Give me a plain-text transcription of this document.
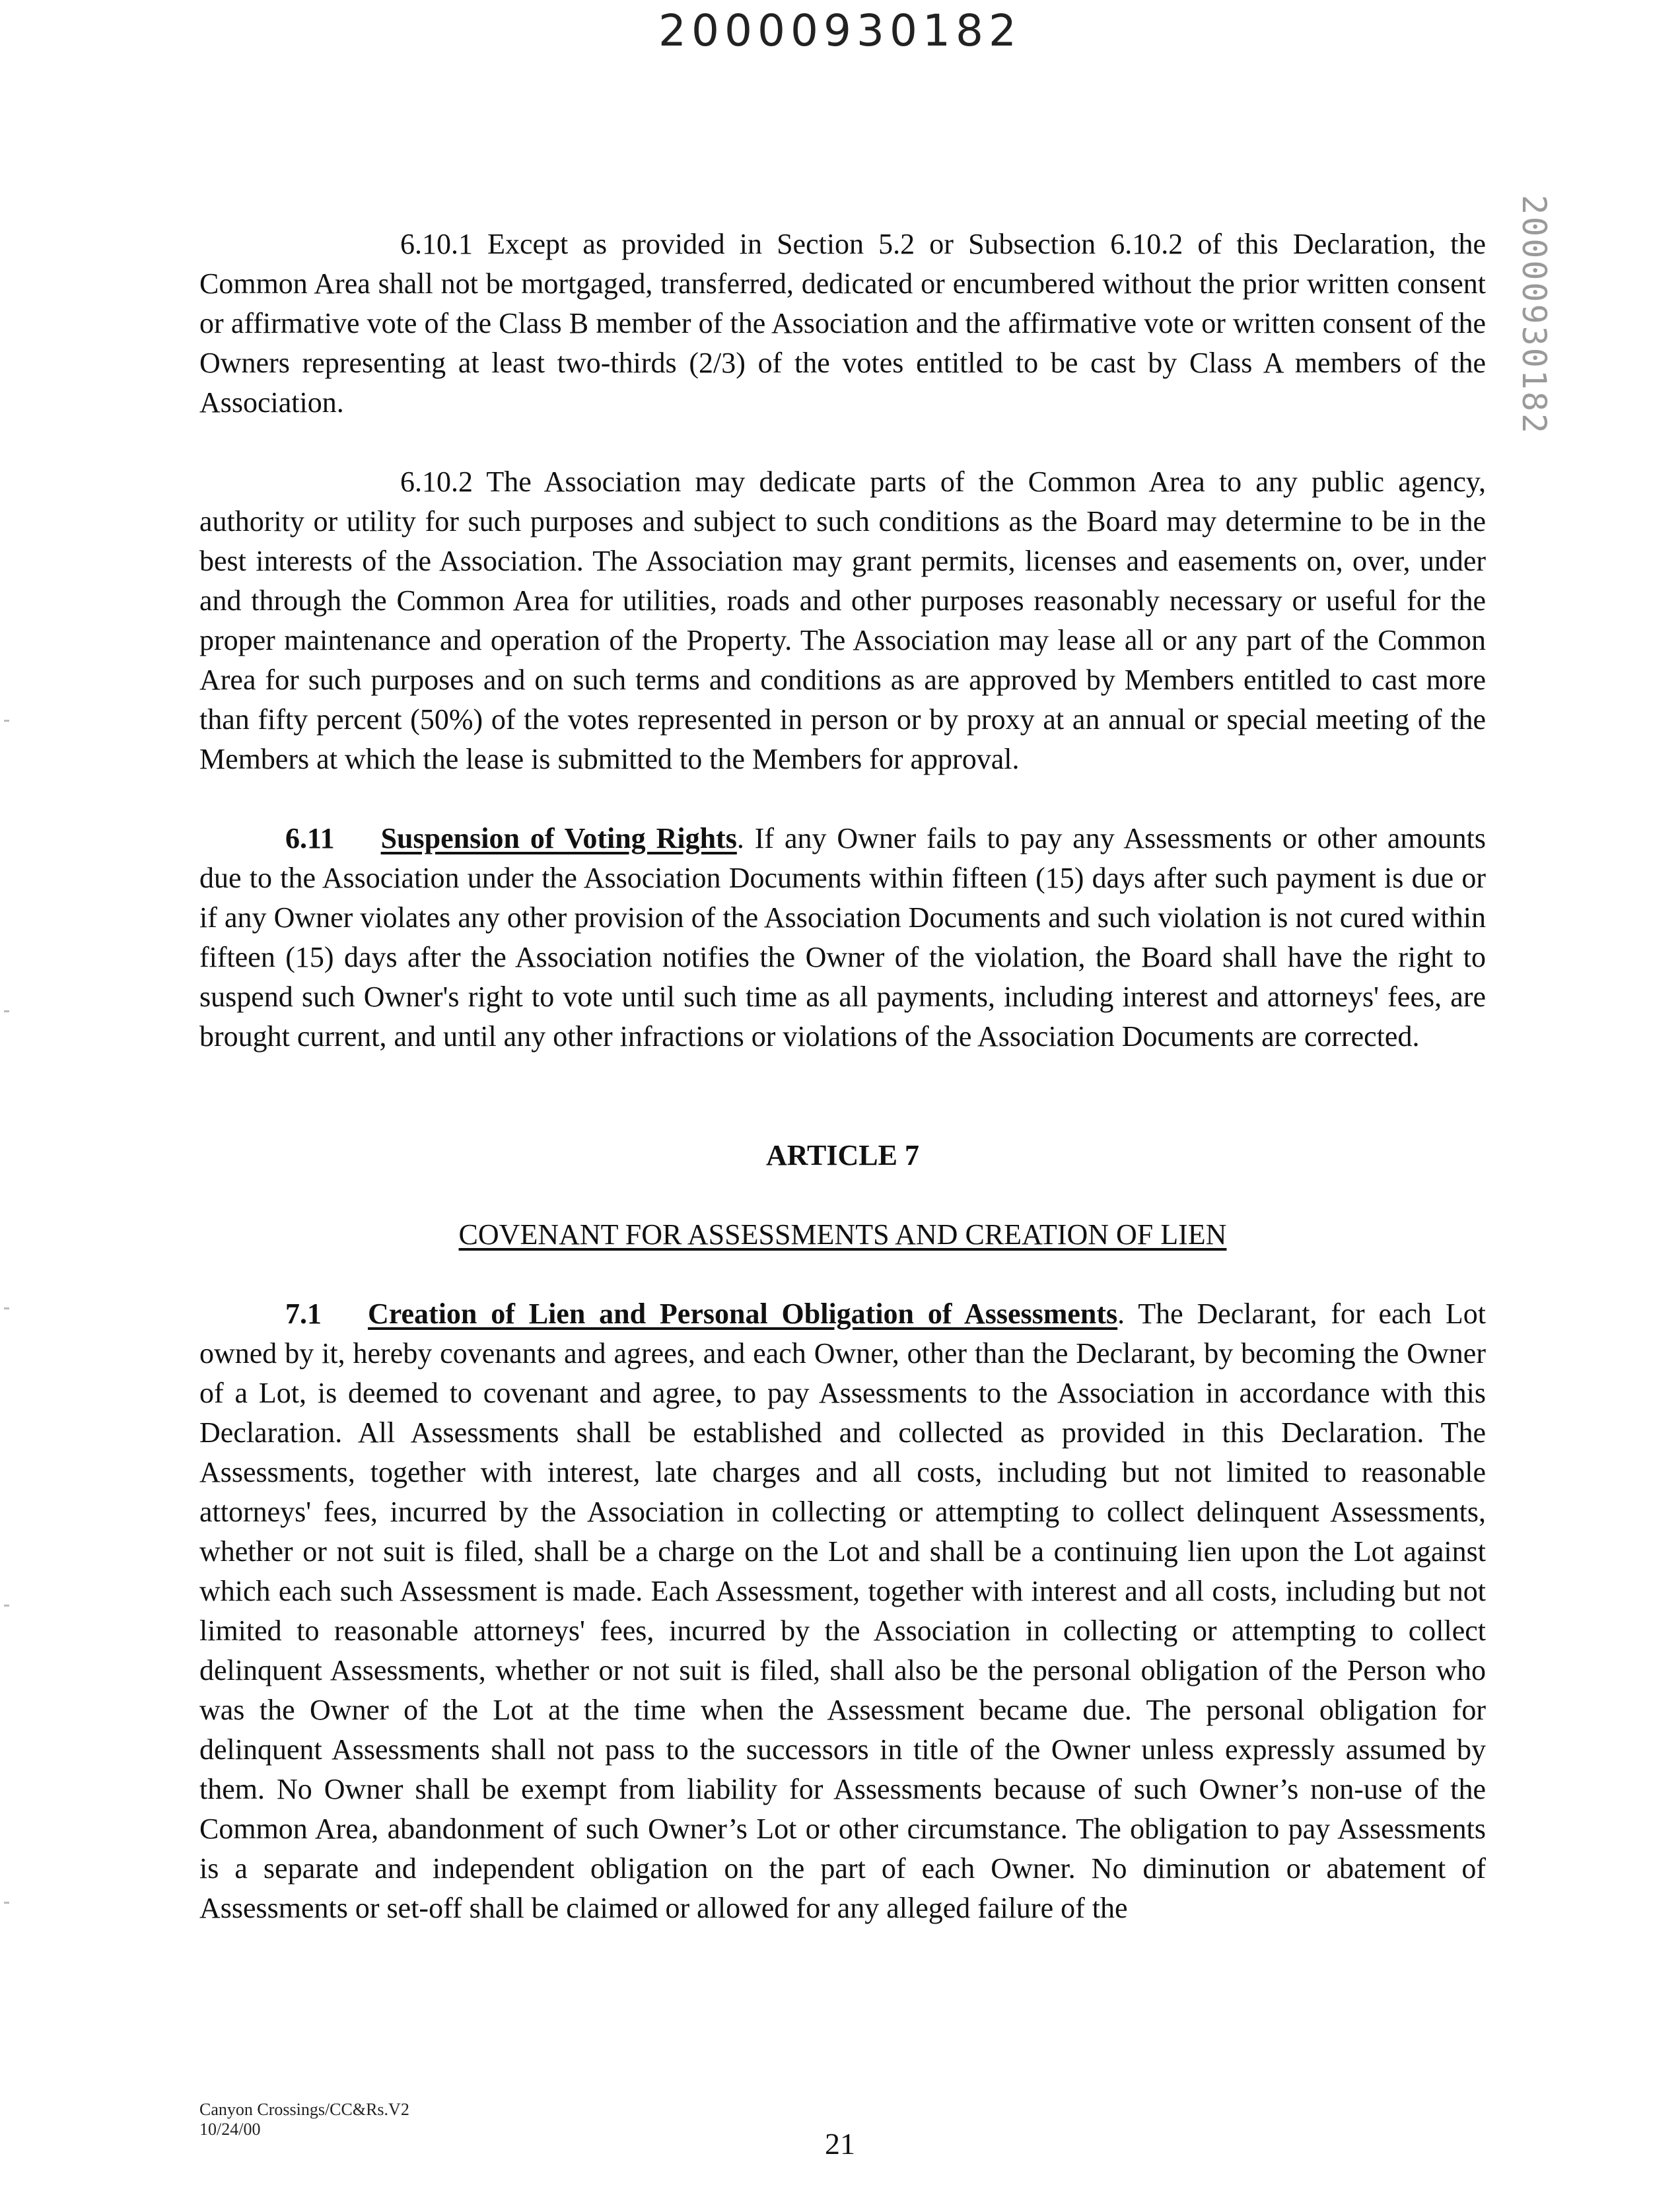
20000930182
20000930182

6.10.1 Except as provided in Section 5.2 or Subsection 6.10.2 of this Declaration, the Common Area shall not be mortgaged, transferred, dedicated or encumbered without the prior written consent or affirmative vote of the Class B member of the Association and the affirmative vote or written consent of the Owners representing at least two-thirds (2/3) of the votes entitled to be cast by Class A members of the Association.

6.10.2 The Association may dedicate parts of the Common Area to any public agency, authority or utility for such purposes and subject to such conditions as the Board may determine to be in the best interests of the Association. The Association may grant permits, licenses and easements on, over, under and through the Common Area for utilities, roads and other purposes reasonably necessary or useful for the proper maintenance and operation of the Property. The Association may lease all or any part of the Common Area for such purposes and on such terms and conditions as are approved by Members entitled to cast more than fifty percent (50%) of the votes represented in person or by proxy at an annual or special meeting of the Members at which the lease is submitted to the Members for approval.

6.11 Suspension of Voting Rights. If any Owner fails to pay any Assessments or other amounts due to the Association under the Association Documents within fifteen (15) days after such payment is due or if any Owner violates any other provision of the Association Documents and such violation is not cured within fifteen (15) days after the Association notifies the Owner of the violation, the Board shall have the right to suspend such Owner's right to vote until such time as all payments, including interest and attorneys' fees, are brought current, and until any other infractions or violations of the Association Documents are corrected.

ARTICLE 7
COVENANT FOR ASSESSMENTS AND CREATION OF LIEN

7.1 Creation of Lien and Personal Obligation of Assessments. The Declarant, for each Lot owned by it, hereby covenants and agrees, and each Owner, other than the Declarant, by becoming the Owner of a Lot, is deemed to covenant and agree, to pay Assessments to the Association in accordance with this Declaration. All Assessments shall be established and collected as provided in this Declaration. The Assessments, together with interest, late charges and all costs, including but not limited to reasonable attorneys' fees, incurred by the Association in collecting or attempting to collect delinquent Assessments, whether or not suit is filed, shall be a charge on the Lot and shall be a continuing lien upon the Lot against which each such Assessment is made. Each Assessment, together with interest and all costs, including but not limited to reasonable attorneys' fees, incurred by the Association in collecting or attempting to collect delinquent Assessments, whether or not suit is filed, shall also be the personal obligation of the Person who was the Owner of the Lot at the time when the Assessment became due. The personal obligation for delinquent Assessments shall not pass to the successors in title of the Owner unless expressly assumed by them. No Owner shall be exempt from liability for Assessments because of such Owner’s non-use of the Common Area, abandonment of such Owner’s Lot or other circumstance. The obligation to pay Assessments is a separate and independent obligation on the part of each Owner. No diminution or abatement of Assessments or set-off shall be claimed or allowed for any alleged failure of the

Canyon Crossings/CC&Rs.V2
10/24/00	21
